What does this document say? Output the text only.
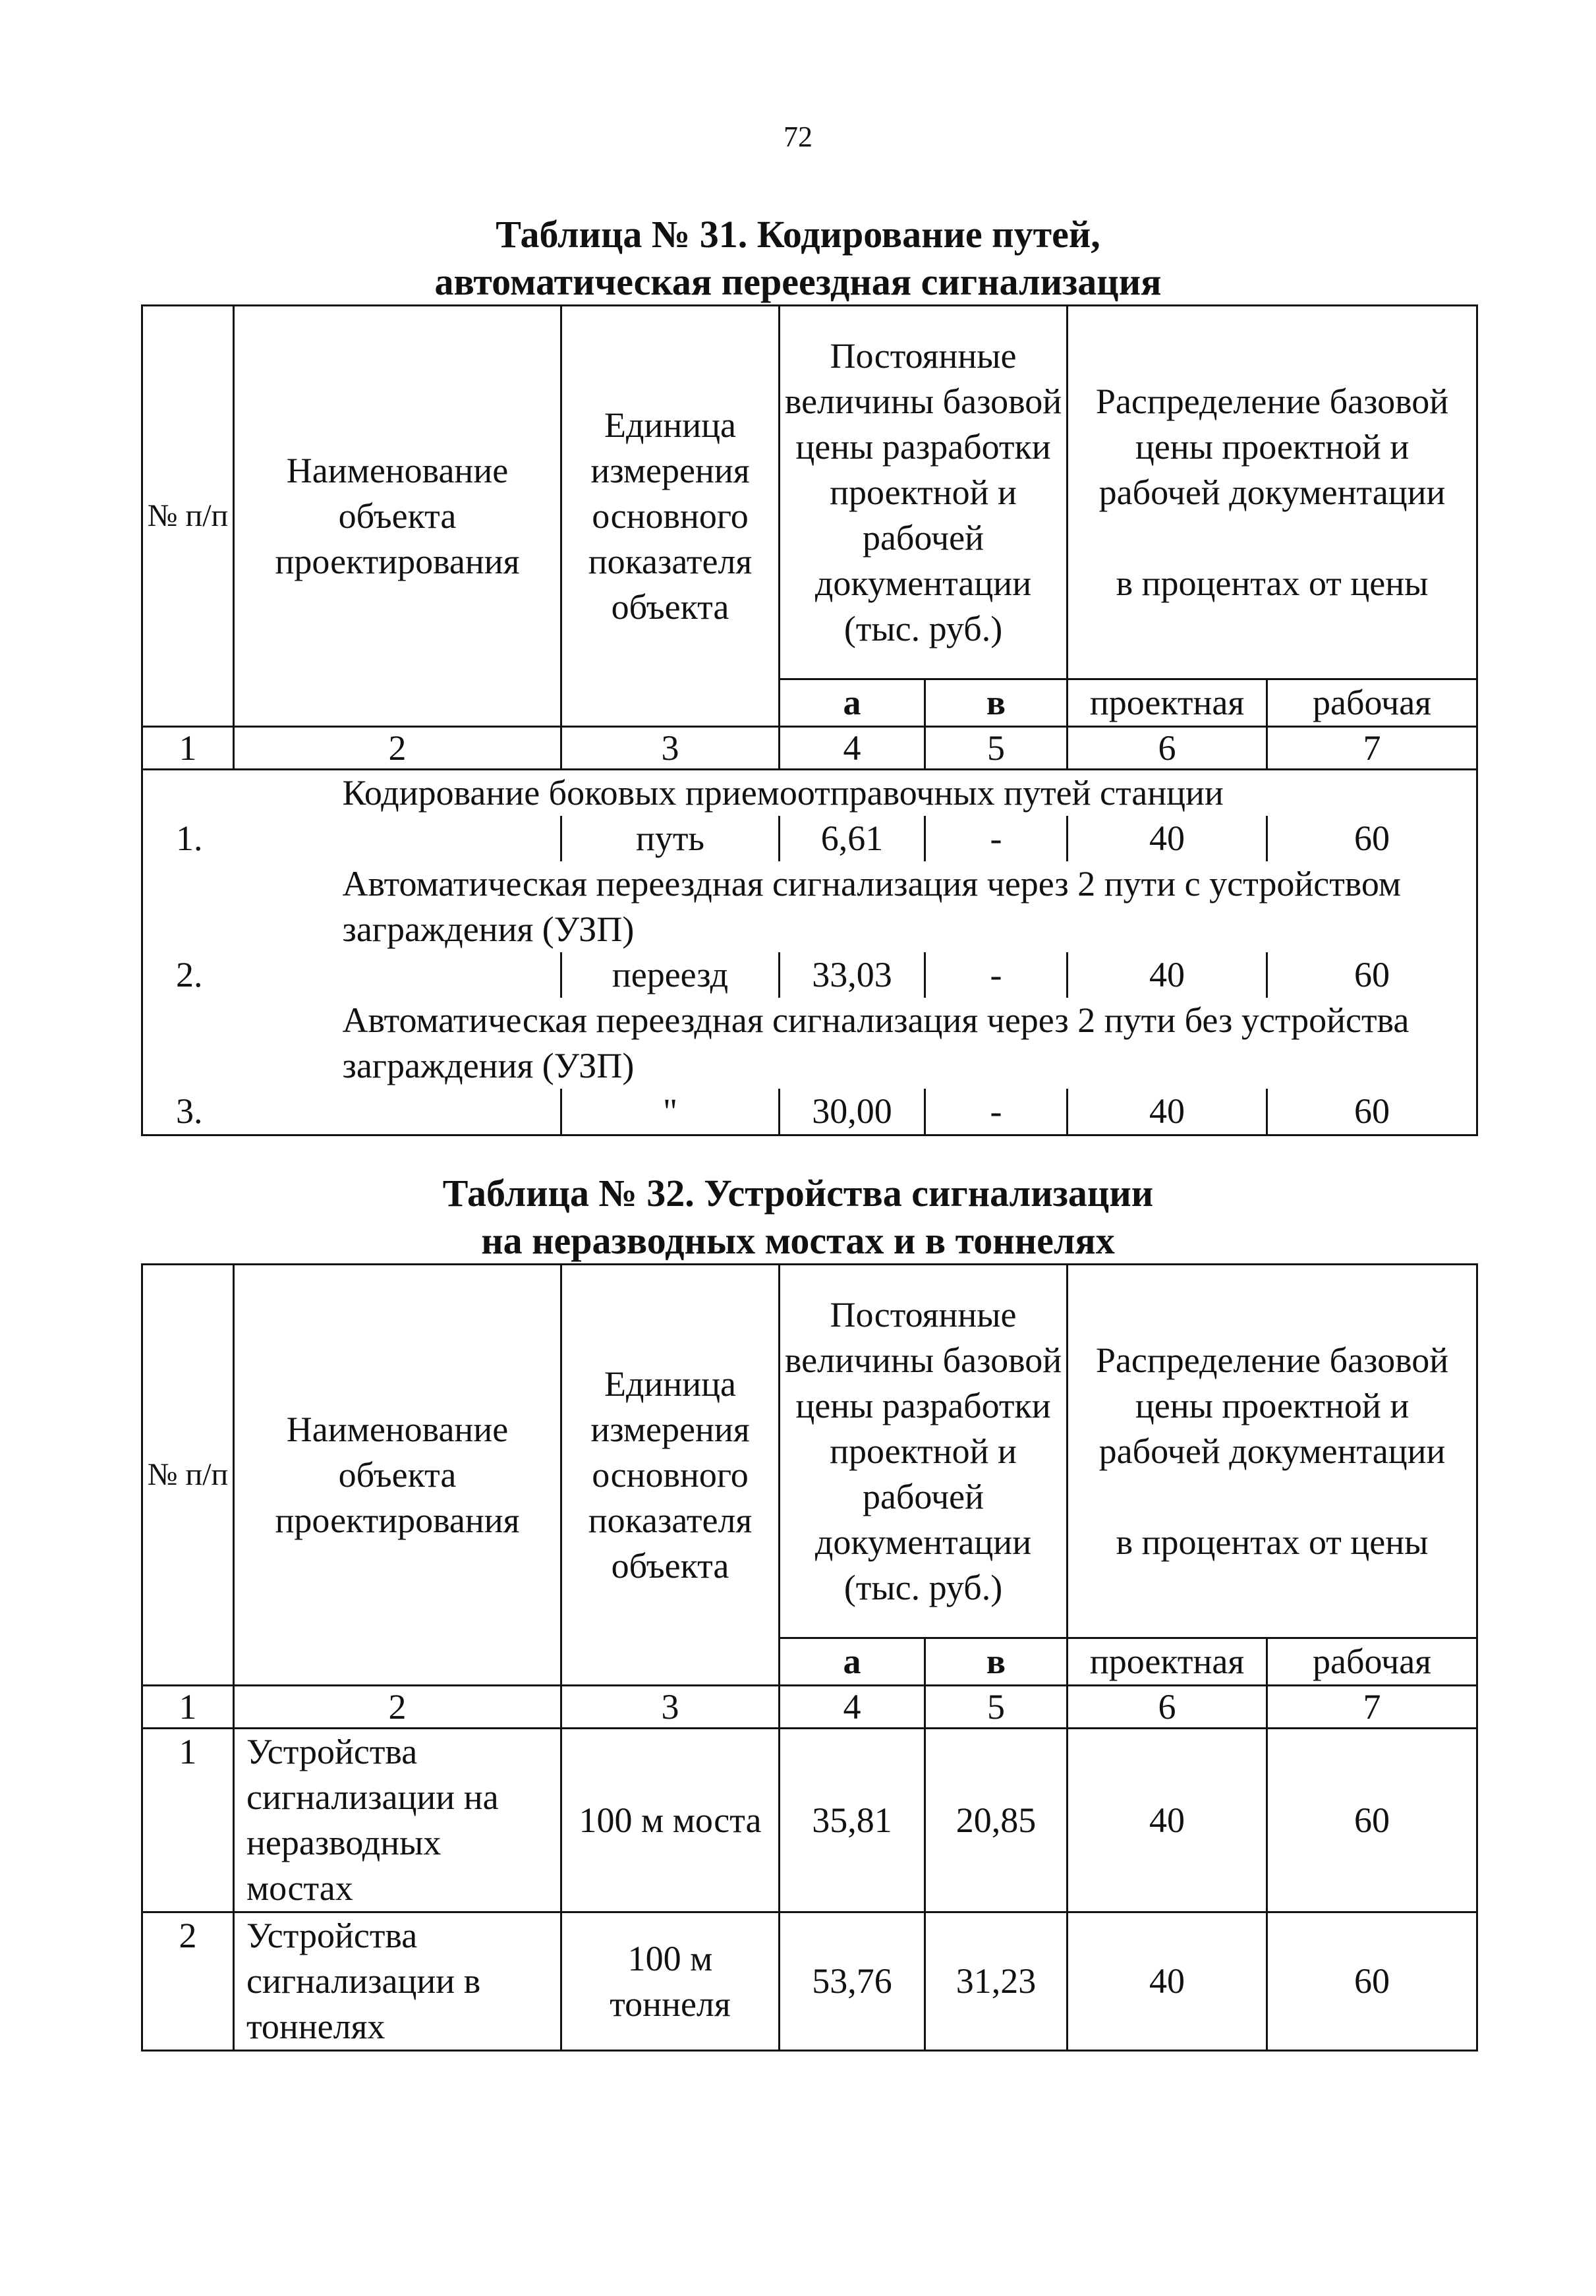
72
Таблица № 31. Кодирование путей,
автоматическая переездная сигнализация
№ п/п	Наименование объекта проектирования	Единица измерения основного показателя объекта	Постоянные величины базовой цены разработки проектной и рабочей документации (тыс. руб.)		Распределение базовой цены проектной и рабочей документации
в процентах от цены	

			а	в	проектная	рабочая
1	2	3	4	5	6	7
	Кодирование боковых приемоотправочных путей станции					
1.		путь	6,61	-	40	60
	Автоматическая переездная сигнализация через 2 пути с устройством заграждения (УЗП)					
2.		переезд	33,03	-	40	60
	Автоматическая переездная сигнализация через 2 пути без устройства заграждения (УЗП)					
3.		"	30,00	-	40	60
Таблица № 32. Устройства сигнализации
на неразводных мостах и в тоннелях
№ п/п	Наименование объекта проектирования	Единица измерения основного показателя объекта	Постоянные величины базовой цены разработки проектной и рабочей документации (тыс. руб.)		Распределение базовой цены проектной и рабочей документации
в процентах от цены	

			а	в	проектная	рабочая
1	2	3	4	5	6	7
1	Устройства сигнализации на неразводных мостах	100 м моста	35,81	20,85	40	60
2	Устройства сигнализации в тоннелях	100 м тоннеля	53,76	31,23	40	60
